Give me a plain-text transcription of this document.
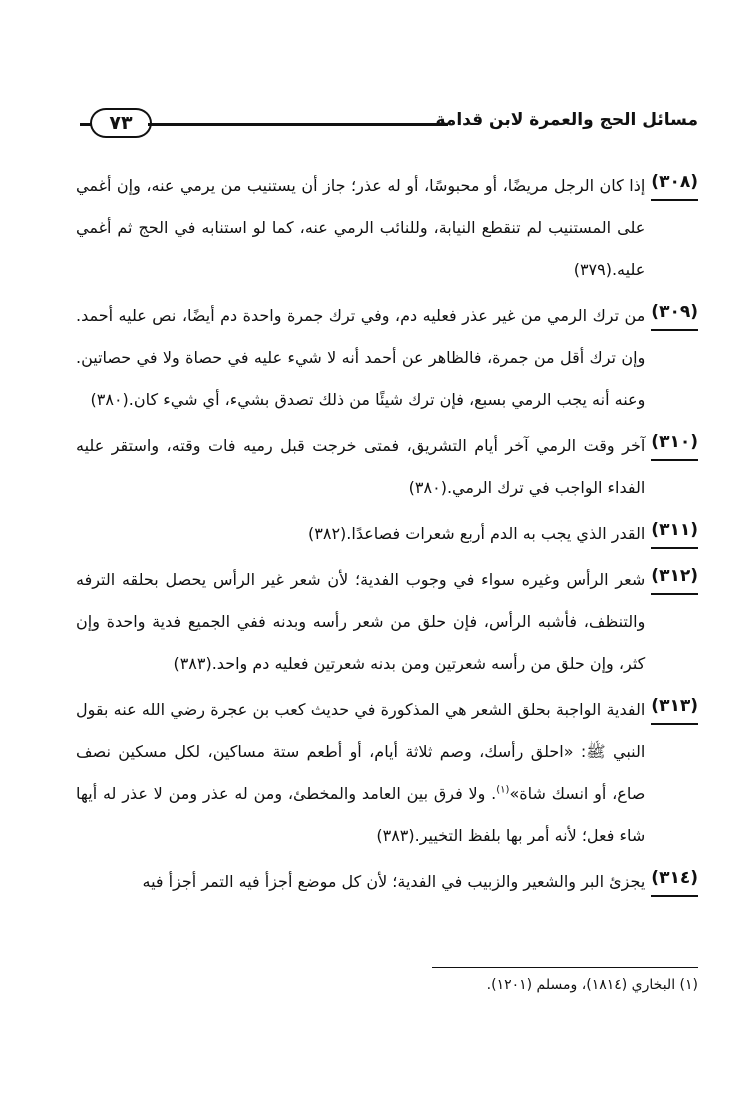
٧٣	مسائل الحج والعمرة لابن قدامة
(٣٠٨)
إذا كان الرجل مريضًا، أو محبوسًا، أو له عذر؛ جاز أن يستنيب من يرمي عنه، وإن أغمي على المستنيب لم تنقطع النيابة، وللنائب الرمي عنه، كما لو استنابه في الحج ثم أغمي عليه.(٣٧٩)
(٣٠٩)
من ترك الرمي من غير عذر فعليه دم، وفي ترك جمرة واحدة دم أيضًا، نص عليه أحمد. وإن ترك أقل من جمرة، فالظاهر عن أحمد أنه لا شيء عليه في حصاة ولا في حصاتين. وعنه أنه يجب الرمي بسبع، فإن ترك شيئًا من ذلك تصدق بشيء، أي شيء كان.(٣٨٠)
(٣١٠)
آخر وقت الرمي آخر أيام التشريق، فمتى خرجت قبل رميه فات وقته، واستقر عليه الفداء الواجب في ترك الرمي.(٣٨٠)
(٣١١)
القدر الذي يجب به الدم أربع شعرات فصاعدًا.(٣٨٢)
(٣١٢)
شعر الرأس وغيره سواء في وجوب الفدية؛ لأن شعر غير الرأس يحصل بحلقه الترفه والتنظف، فأشبه الرأس، فإن حلق من شعر رأسه وبدنه ففي الجميع فدية واحدة وإن كثر، وإن حلق من رأسه شعرتين ومن بدنه شعرتين فعليه دم واحد.(٣٨٣)
(٣١٣)
الفدية الواجبة بحلق الشعر هي المذكورة في حديث كعب بن عجرة رضي الله عنه بقول النبي ﷺ: «احلق رأسك، وصم ثلاثة أيام، أو أطعم ستة مساكين، لكل مسكين نصف صاع، أو انسك شاة»$^{(١)}$. ولا فرق بين العامد والمخطئ، ومن له عذر ومن لا عذر له أيها شاء فعل؛ لأنه أمر بها بلفظ التخيير.(٣٨٣)
(٣١٤)
يجزئ البر والشعير والزبيب في الفدية؛ لأن كل موضع أجزأ فيه التمر أجزأ فيه
(١) البخاري (١٨١٤)، ومسلم (١٢٠١).
